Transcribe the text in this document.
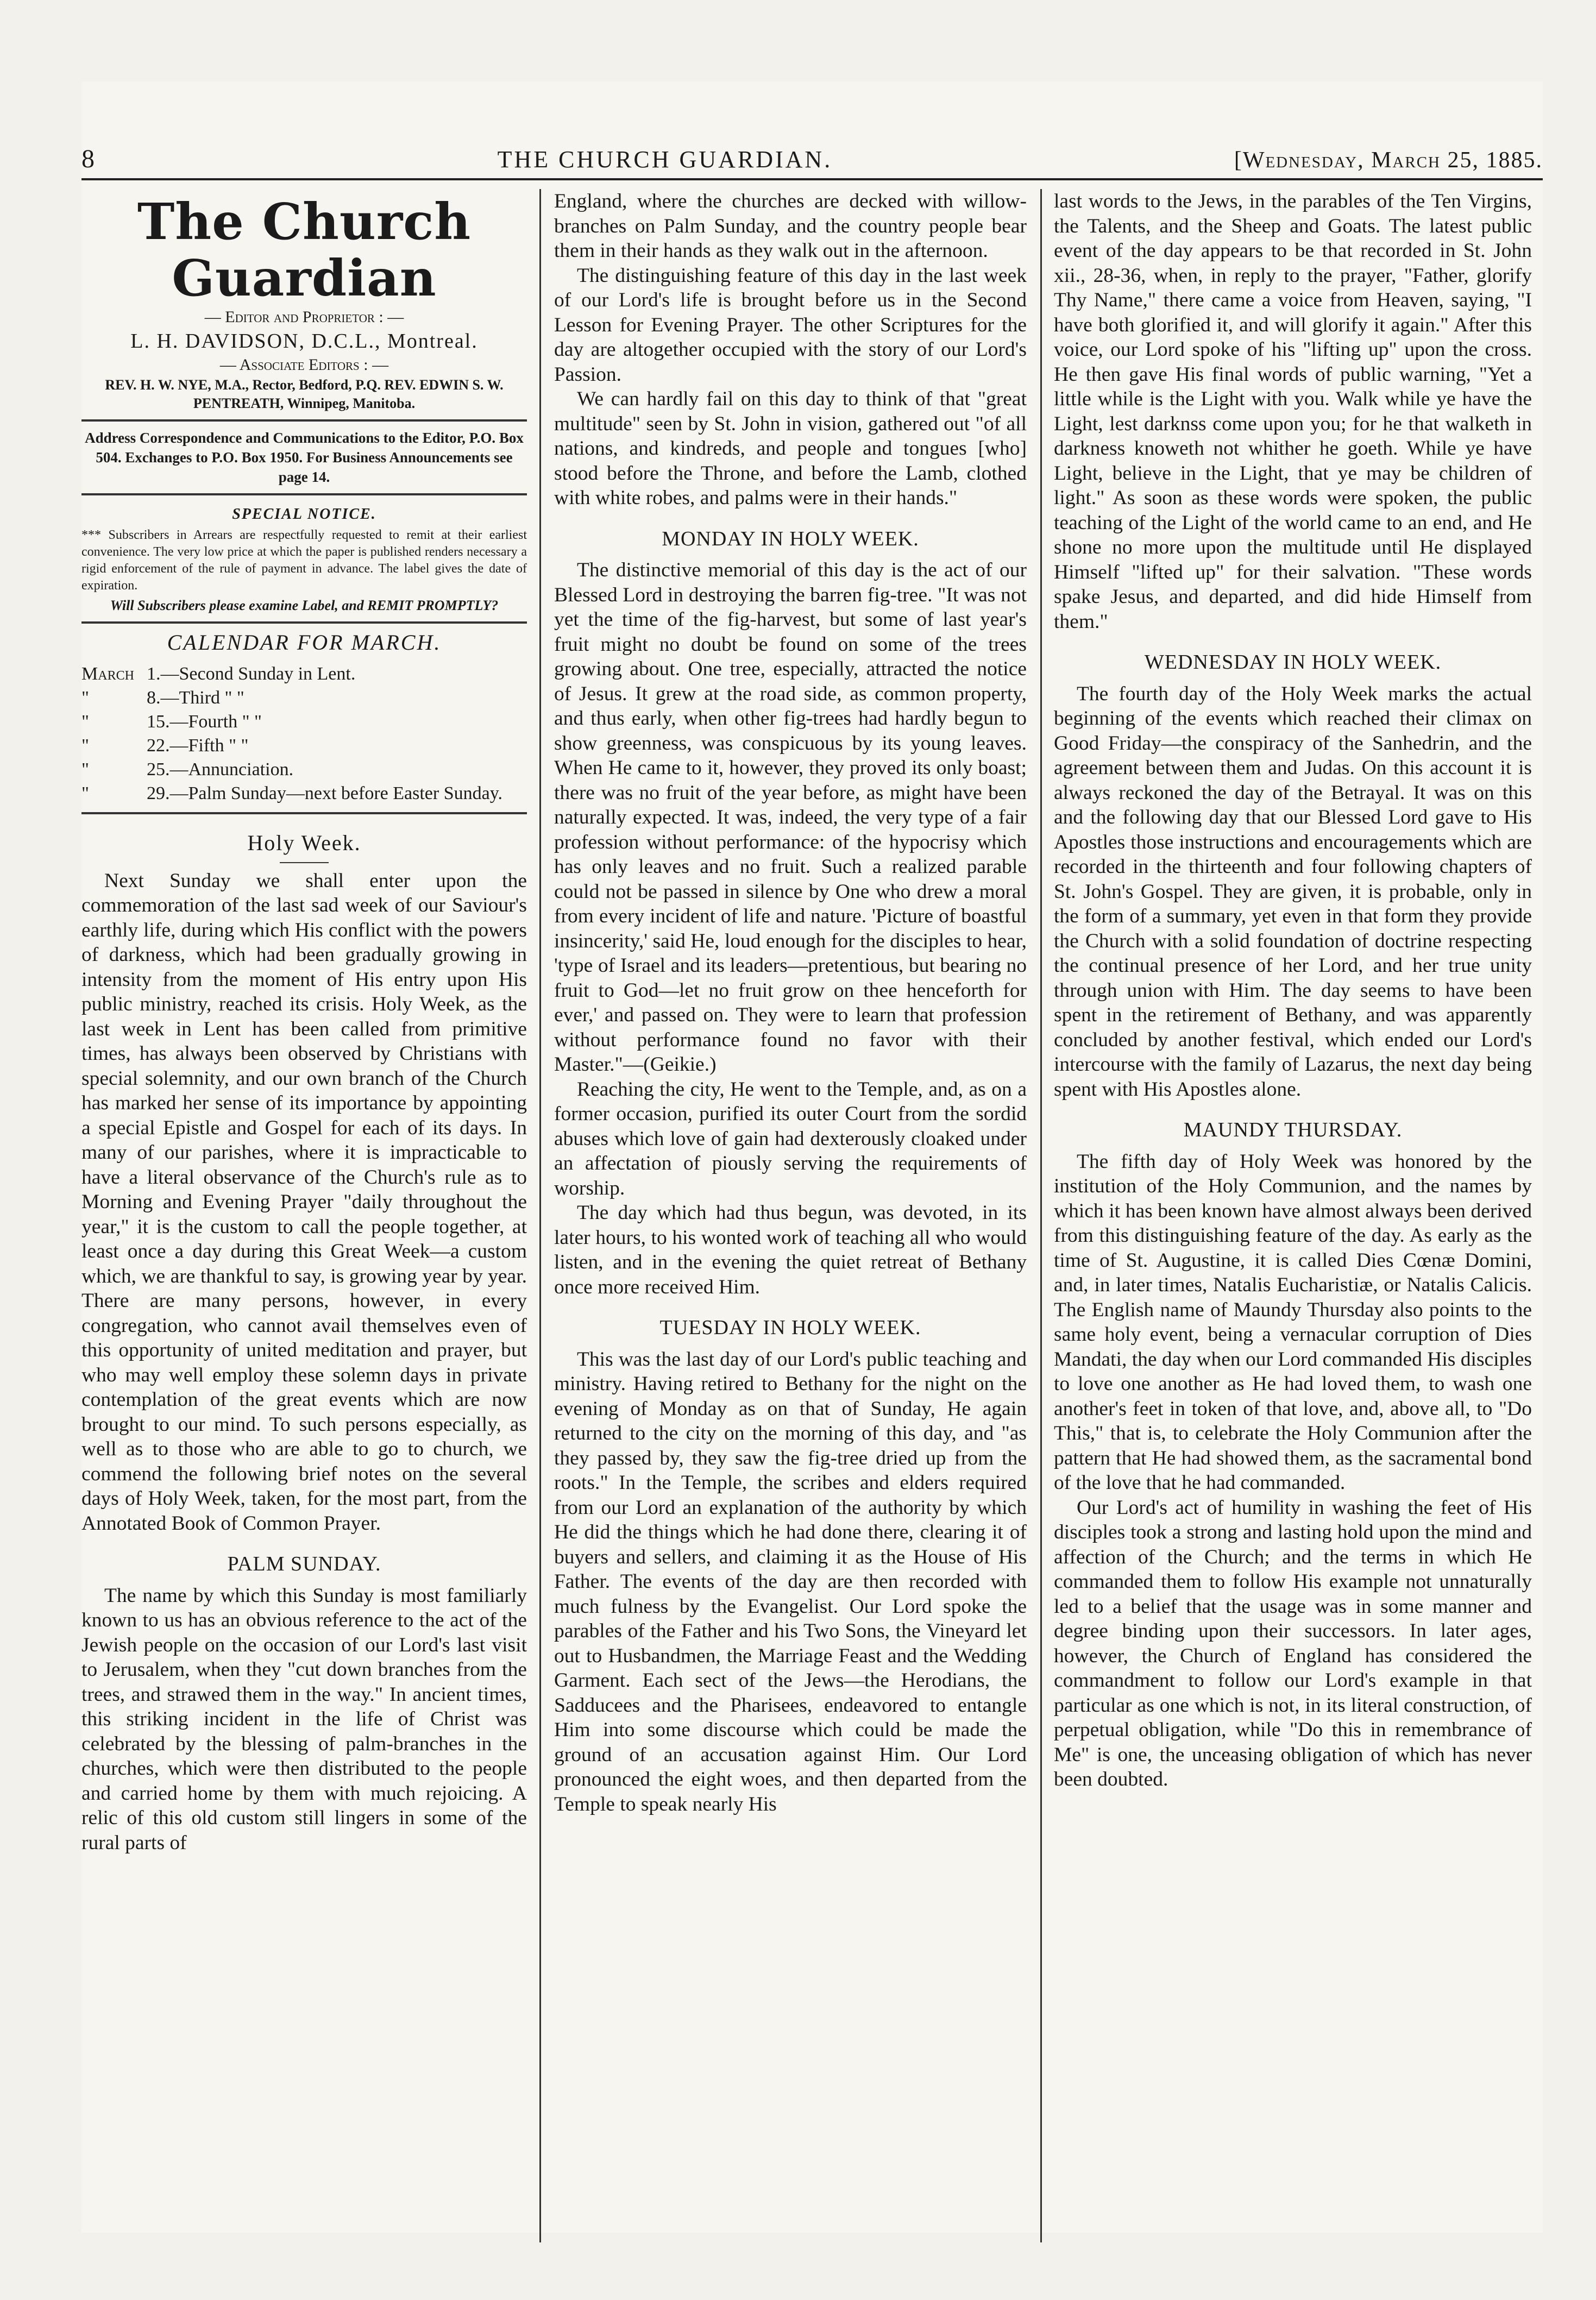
8	THE CHURCH GUARDIAN.	[Wednesday, March 25, 1885.
The Church Guardian
— Editor and Proprietor : —
L. H. DAVIDSON, D.C.L., Montreal.
— Associate Editors : —
REV. H. W. NYE, M.A., Rector, Bedford, P.Q. REV. EDWIN S. W. PENTREATH, Winnipeg, Manitoba.
Address Correspondence and Communications to the Editor, P.O. Box 504. Exchanges to P.O. Box 1950. For Business Announcements see page 14.
SPECIAL NOTICE.
*** Subscribers in Arrears are respectfully requested to remit at their earliest convenience. The very low price at which the paper is published renders necessary a rigid enforcement of the rule of payment in advance. The label gives the date of expiration.
Will Subscribers please examine Label, and REMIT PROMPTLY?
CALENDAR FOR MARCH.
March 1.—Second Sunday in Lent.
"	8.—Third " "
"	15.—Fourth " "
"	22.—Fifth " "
"	25.—Annunciation.
"	29.—Palm Sunday—next before Easter Sunday.
Holy Week.

Next Sunday we shall enter upon the commemoration of the last sad week of our Saviour's earthly life, during which His conflict with the powers of darkness, which had been gradually growing in intensity from the moment of His entry upon His public ministry, reached its crisis. Holy Week, as the last week in Lent has been called from primitive times, has always been observed by Christians with special solemnity, and our own branch of the Church has marked her sense of its importance by appointing a special Epistle and Gospel for each of its days. In many of our parishes, where it is impracticable to have a literal observance of the Church's rule as to Morning and Evening Prayer "daily throughout the year," it is the custom to call the people together, at least once a day during this Great Week—a custom which, we are thankful to say, is growing year by year. There are many persons, however, in every congregation, who cannot avail themselves even of this opportunity of united meditation and prayer, but who may well employ these solemn days in private contemplation of the great events which are now brought to our mind. To such persons especially, as well as to those who are able to go to church, we commend the following brief notes on the several days of Holy Week, taken, for the most part, from the Annotated Book of Common Prayer.

PALM SUNDAY.

The name by which this Sunday is most familiarly known to us has an obvious reference to the act of the Jewish people on the occasion of our Lord's last visit to Jerusalem, when they "cut down branches from the trees, and strawed them in the way." In ancient times, this striking incident in the life of Christ was celebrated by the blessing of palm-branches in the churches, which were then distributed to the people and carried home by them with much rejoicing. A relic of this old custom still lingers in some of the rural parts of

England, where the churches are decked with willow-branches on Palm Sunday, and the country people bear them in their hands as they walk out in the afternoon.

The distinguishing feature of this day in the last week of our Lord's life is brought before us in the Second Lesson for Evening Prayer. The other Scriptures for the day are altogether occupied with the story of our Lord's Passion.

We can hardly fail on this day to think of that "great multitude" seen by St. John in vision, gathered out "of all nations, and kindreds, and people and tongues [who] stood before the Throne, and before the Lamb, clothed with white robes, and palms were in their hands."

MONDAY IN HOLY WEEK.

The distinctive memorial of this day is the act of our Blessed Lord in destroying the barren fig-tree. "It was not yet the time of the fig-harvest, but some of last year's fruit might no doubt be found on some of the trees growing about. One tree, especially, attracted the notice of Jesus. It grew at the road side, as common property, and thus early, when other fig-trees had hardly begun to show greenness, was conspicuous by its young leaves. When He came to it, however, they proved its only boast; there was no fruit of the year before, as might have been naturally expected. It was, indeed, the very type of a fair profession without performance: of the hypocrisy which has only leaves and no fruit. Such a realized parable could not be passed in silence by One who drew a moral from every incident of life and nature. 'Picture of boastful insincerity,' said He, loud enough for the disciples to hear, 'type of Israel and its leaders—pretentious, but bearing no fruit to God—let no fruit grow on thee henceforth for ever,' and passed on. They were to learn that profession without performance found no favor with their Master."—(Geikie.)

Reaching the city, He went to the Temple, and, as on a former occasion, purified its outer Court from the sordid abuses which love of gain had dexterously cloaked under an affectation of piously serving the requirements of worship.

The day which had thus begun, was devoted, in its later hours, to his wonted work of teaching all who would listen, and in the evening the quiet retreat of Bethany once more received Him.

TUESDAY IN HOLY WEEK.

This was the last day of our Lord's public teaching and ministry. Having retired to Bethany for the night on the evening of Monday as on that of Sunday, He again returned to the city on the morning of this day, and "as they passed by, they saw the fig-tree dried up from the roots." In the Temple, the scribes and elders required from our Lord an explanation of the authority by which He did the things which he had done there, clearing it of buyers and sellers, and claiming it as the House of His Father. The events of the day are then recorded with much fulness by the Evangelist. Our Lord spoke the parables of the Father and his Two Sons, the Vineyard let out to Husbandmen, the Marriage Feast and the Wedding Garment. Each sect of the Jews—the Herodians, the Sadducees and the Pharisees, endeavored to entangle Him into some discourse which could be made the ground of an accusation against Him. Our Lord pronounced the eight woes, and then departed from the Temple to speak nearly His

last words to the Jews, in the parables of the Ten Virgins, the Talents, and the Sheep and Goats. The latest public event of the day appears to be that recorded in St. John xii., 28-36, when, in reply to the prayer, "Father, glorify Thy Name," there came a voice from Heaven, saying, "I have both glorified it, and will glorify it again." After this voice, our Lord spoke of his "lifting up" upon the cross. He then gave His final words of public warning, "Yet a little while is the Light with you. Walk while ye have the Light, lest darknss come upon you; for he that walketh in darkness knoweth not whither he goeth. While ye have Light, believe in the Light, that ye may be children of light." As soon as these words were spoken, the public teaching of the Light of the world came to an end, and He shone no more upon the multitude until He displayed Himself "lifted up" for their salvation. "These words spake Jesus, and departed, and did hide Himself from them."

WEDNESDAY IN HOLY WEEK.

The fourth day of the Holy Week marks the actual beginning of the events which reached their climax on Good Friday—the conspiracy of the Sanhedrin, and the agreement between them and Judas. On this account it is always reckoned the day of the Betrayal. It was on this and the following day that our Blessed Lord gave to His Apostles those instructions and encouragements which are recorded in the thirteenth and four following chapters of St. John's Gospel. They are given, it is probable, only in the form of a summary, yet even in that form they provide the Church with a solid foundation of doctrine respecting the continual presence of her Lord, and her true unity through union with Him. The day seems to have been spent in the retirement of Bethany, and was apparently concluded by another festival, which ended our Lord's intercourse with the family of Lazarus, the next day being spent with His Apostles alone.

MAUNDY THURSDAY.

The fifth day of Holy Week was honored by the institution of the Holy Communion, and the names by which it has been known have almost always been derived from this distinguishing feature of the day. As early as the time of St. Augustine, it is called Dies Cœnæ Domini, and, in later times, Natalis Eucharistiæ, or Natalis Calicis. The English name of Maundy Thursday also points to the same holy event, being a vernacular corruption of Dies Mandati, the day when our Lord commanded His disciples to love one another as He had loved them, to wash one another's feet in token of that love, and, above all, to "Do This," that is, to celebrate the Holy Communion after the pattern that He had showed them, as the sacramental bond of the love that he had commanded.

Our Lord's act of humility in washing the feet of His disciples took a strong and lasting hold upon the mind and affection of the Church; and the terms in which He commanded them to follow His example not unnaturally led to a belief that the usage was in some manner and degree binding upon their successors. In later ages, however, the Church of England has considered the commandment to follow our Lord's example in that particular as one which is not, in its literal construction, of perpetual obligation, while "Do this in remembrance of Me" is one, the unceasing obligation of which has never been doubted.
